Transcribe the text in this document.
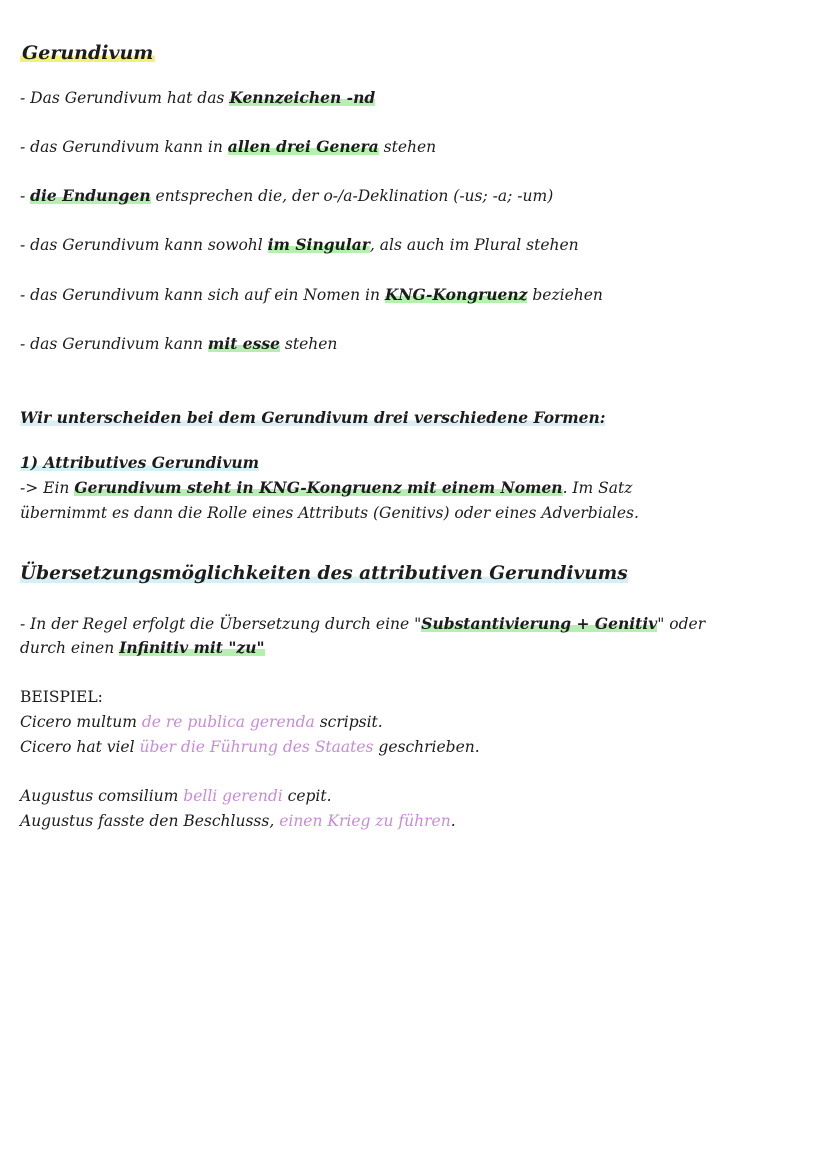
Gerundivum
- Das Gerundivum hat das Kennzeichen -nd
- das Gerundivum kann in allen drei Genera stehen
- die Endungen entsprechen die, der o-/a-Deklination (-us; -a; -um)
- das Gerundivum kann sowohl im Singular, als auch im Plural stehen
- das Gerundivum kann sich auf ein Nomen in KNG-Kongruenz beziehen
- das Gerundivum kann mit esse stehen
Wir unterscheiden bei dem Gerundivum drei verschiedene Formen:
1) Attributives Gerundivum
-> Ein Gerundivum steht in KNG-Kongruenz mit einem Nomen. Im Satz
übernimmt es dann die Rolle eines Attributs (Genitivs) oder eines Adverbiales.
Übersetzungsmöglichkeiten des attributiven Gerundivums
- In der Regel erfolgt die Übersetzung durch eine "Substantivierung + Genitiv" oder
durch einen Infinitiv mit "zu"
BEISPIEL:
Cicero multum de re publica gerenda scripsit.
Cicero hat viel über die Führung des Staates geschrieben.
Augustus comsilium belli gerendi cepit.
Augustus fasste den Beschlusss, einen Krieg zu führen.
